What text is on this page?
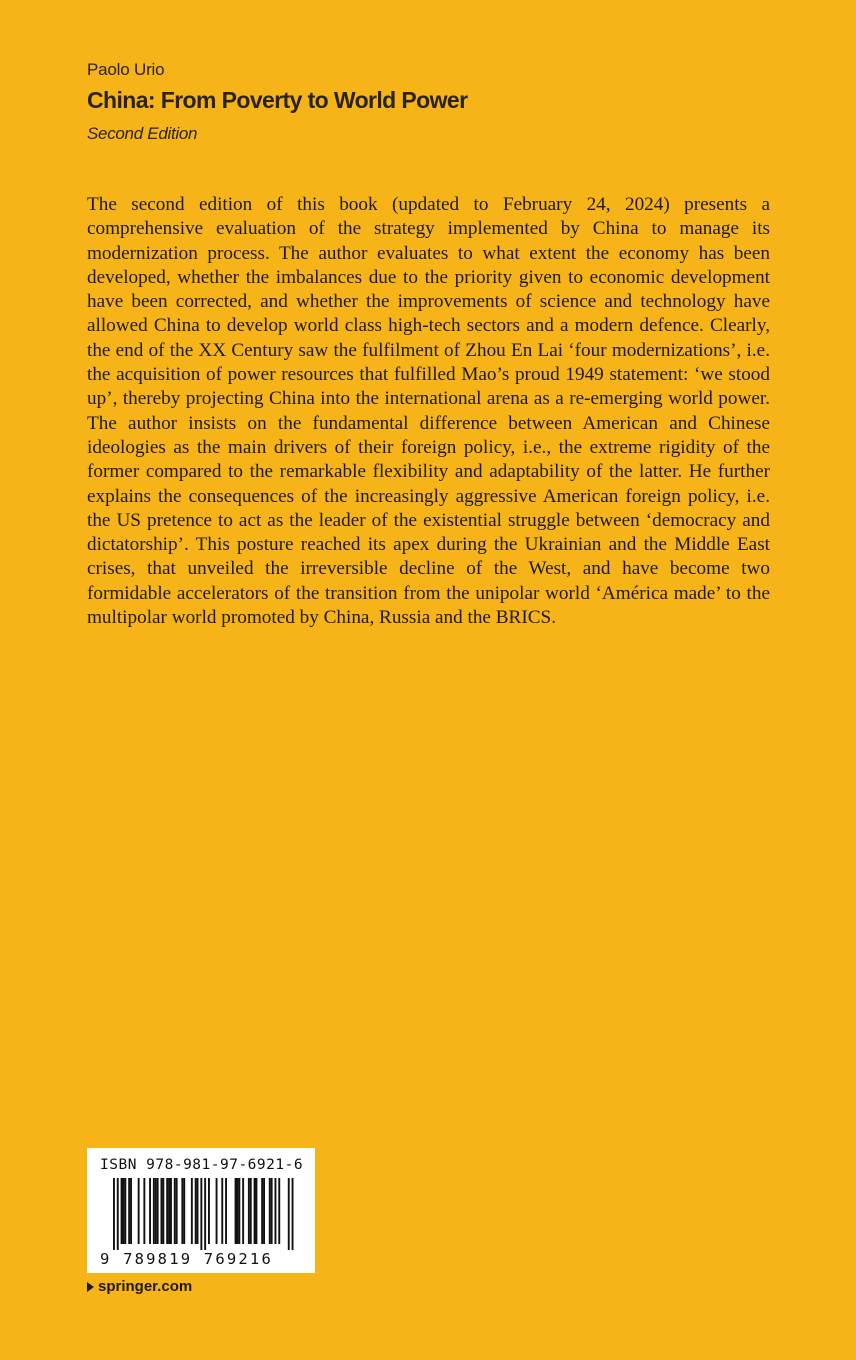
Paolo Urio
China: From Poverty to World Power
Second Edition

The second edition of this book (updated to February 24, 2024) presents a comprehensive evaluation of the strategy implemented by China to manage its modernization process. The author evaluates to what extent the economy has been developed, whether the imbalances due to the priority given to economic development have been corrected, and whether the improvements of science and technology have allowed China to develop world class high-tech sectors and a modern defence. Clearly, the end of the XX Century saw the fulfilment of Zhou En Lai ‘four modernizations’, i.e. the acquisition of power resources that fulfilled Mao’s proud 1949 statement: ‘we stood up’, thereby projecting China into the international arena as a re-emerging world power. The author insists on the fundamental difference between American and Chinese ideologies as the main drivers of their foreign policy, i.e., the extreme rigidity of the former compared to the remarkable flexibility and adaptability of the latter. He further explains the consequences of the increasingly aggressive American foreign policy, i.e. the US pretence to act as the leader of the existential struggle between ‘democracy and dictatorship’. This posture reached its apex during the Ukrainian and the Middle East crises, that unveiled the irreversible decline of the West, and have become two formidable accelerators of the transition from the unipolar world ‘América made’ to the multipolar world promoted by China, Russia and the BRICS.

ISBN 978-981-97-6921-6
9 789819 769216
springer.com
